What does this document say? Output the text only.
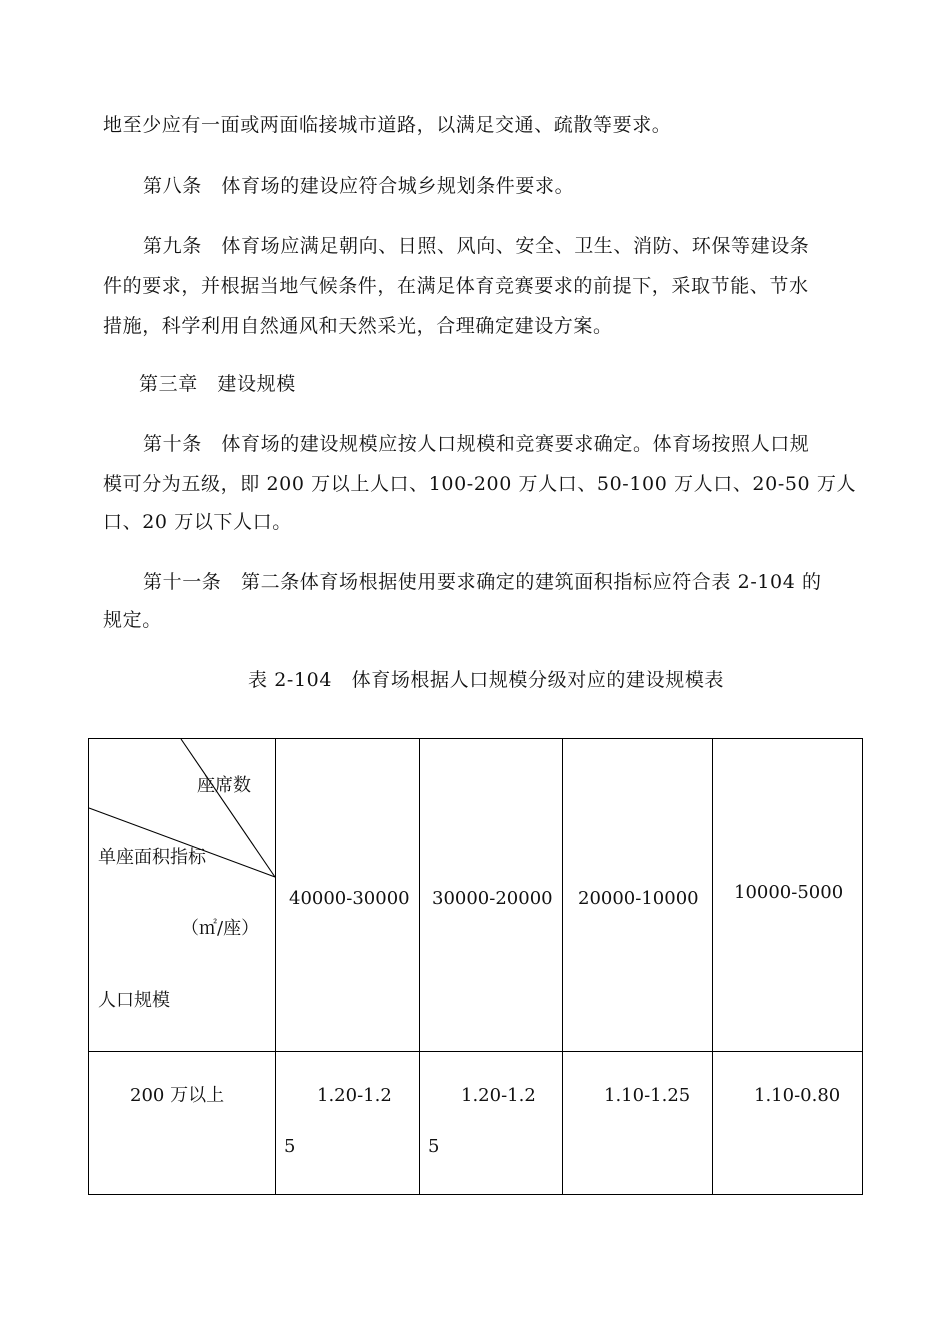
地至少应有一面或两面临接城市道路，以满足交通、疏散等要求。

第八条　体育场的建设应符合城乡规划条件要求。

第九条　体育场应满足朝向、日照、风向、安全、卫生、消防、环保等建设条

件的要求，并根据当地气候条件，在满足体育竞赛要求的前提下，采取节能、节水

措施，科学利用自然通风和天然采光，合理确定建设方案。

第三章　建设规模

第十条　体育场的建设规模应按人口规模和竞赛要求确定。体育场按照人口规

模可分为五级，即 200 万以上人口、100-200 万人口、50-100 万人口、20-50 万人

口、20 万以下人口。

第十一条　第二条体育场根据使用要求确定的建筑面积指标应符合表 2-104 的

规定。

表 2-104　体育场根据人口规模分级对应的建设规模表

座席数

单座面积指标

（㎡/座）

人口规模

40000-30000 30000-20000 20000-10000 10000-5000

200 万以上	1.20-1.2

5

1.20-1.2

5

1.10-1.25	1.10-0.80
